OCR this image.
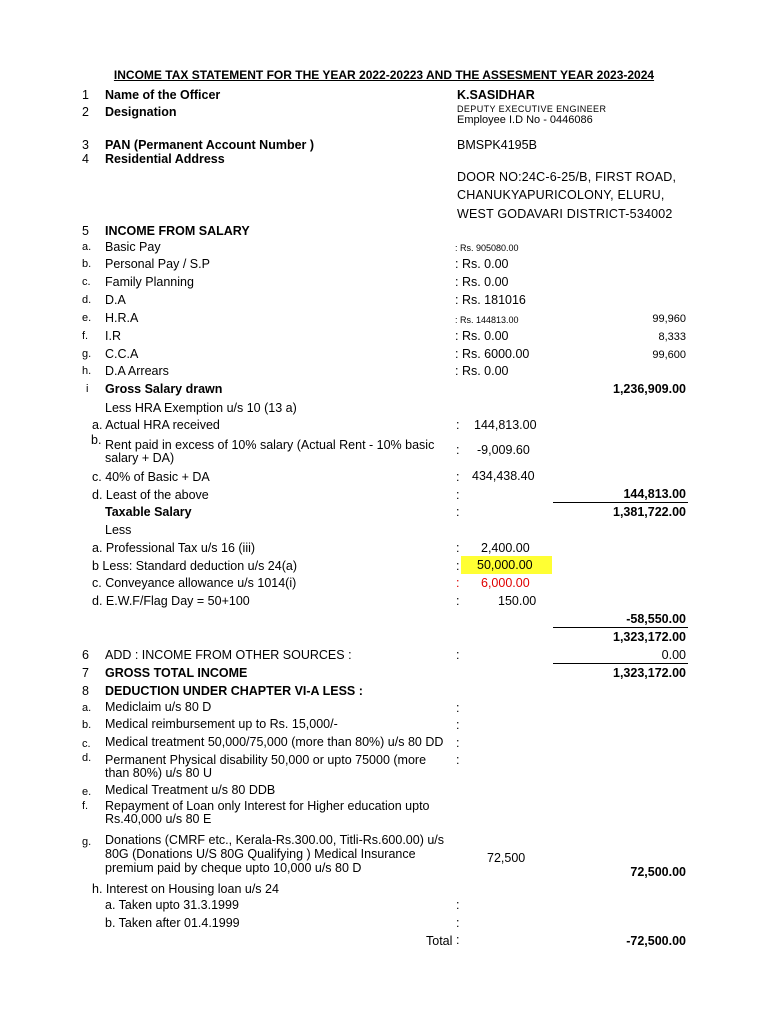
INCOME TAX STATEMENT FOR THE YEAR 2022-20223 AND THE ASSESMENT YEAR 2023-2024
1 Name of the Officer	K.SASIDHAR
2 Designation	DEPUTY EXECUTIVE ENGINEER
Employee I.D No - 0446086
3 PAN (Permanent Account Number )	BMSPK4195B
4 Residential Address
DOOR NO:24C-6-25/B, FIRST ROAD,
CHANUKYAPURICOLONY, ELURU,
WEST GODAVARI DISTRICT-534002
5 INCOME FROM SALARY
a. Basic Pay	: Rs. 905080.00
b. Personal Pay / S.P	: Rs. 0.00
c. Family Planning	: Rs. 0.00
d. D.A	: Rs. 181016
e. H.R.A	: Rs. 144813.00	99,960
f. I.R	: Rs. 0.00	8,333
g. C.C.A	: Rs. 6000.00	99,600
h. D.A Arrears	: Rs. 0.00
i Gross Salary drawn	1,236,909.00
Less HRA Exemption u/s 10 (13 a)
a. Actual HRA received	: 144,813.00
b. Rent paid in excess of 10% salary (Actual Rent - 10% basic
salary + DA)
: -9,009.60
c. 40% of Basic + DA	: 434,438.40
d. Least of the above	:	144,813.00
Taxable Salary	:	1,381,722.00
Less
a. Professional Tax u/s 16 (iii)	: 2,400.00
b Less: Standard deduction u/s 24(a)	: 50,000.00
c. Conveyance allowance u/s 1014(i)	: 6,000.00
d. E.W.F/Flag Day = 50+100	:	150.00
-58,550.00
1,323,172.00
6 ADD : INCOME FROM OTHER SOURCES :	:	0.00
7 GROSS TOTAL INCOME	1,323,172.00
8 DEDUCTION UNDER CHAPTER VI-A LESS :
a. Mediclaim u/s 80 D	:
b. Medical reimbursement up to Rs. 15,000/-	:
c. Medical treatment 50,000/75,000 (more than 80%) u/s 80 DD :
d. Permanent Physical disability 50,000 or upto 75000 (more
than 80%) u/s 80 U
:
e. Medical Treatment u/s 80 DDB
f. Repayment of Loan only Interest for Higher education upto
Rs.40,000 u/s 80 E
g. Donations (CMRF etc., Kerala-Rs.300.00, Titli-Rs.600.00) u/s
80G (Donations U/S 80G Qualifying ) Medical Insurance
premium paid by cheque upto 10,000 u/s 80 D
72,500
72,500.00
h. Interest on Housing loan u/s 24
a. Taken upto 31.3.1999	:
b. Taken after 01.4.1999	:
Total :	-72,500.00
